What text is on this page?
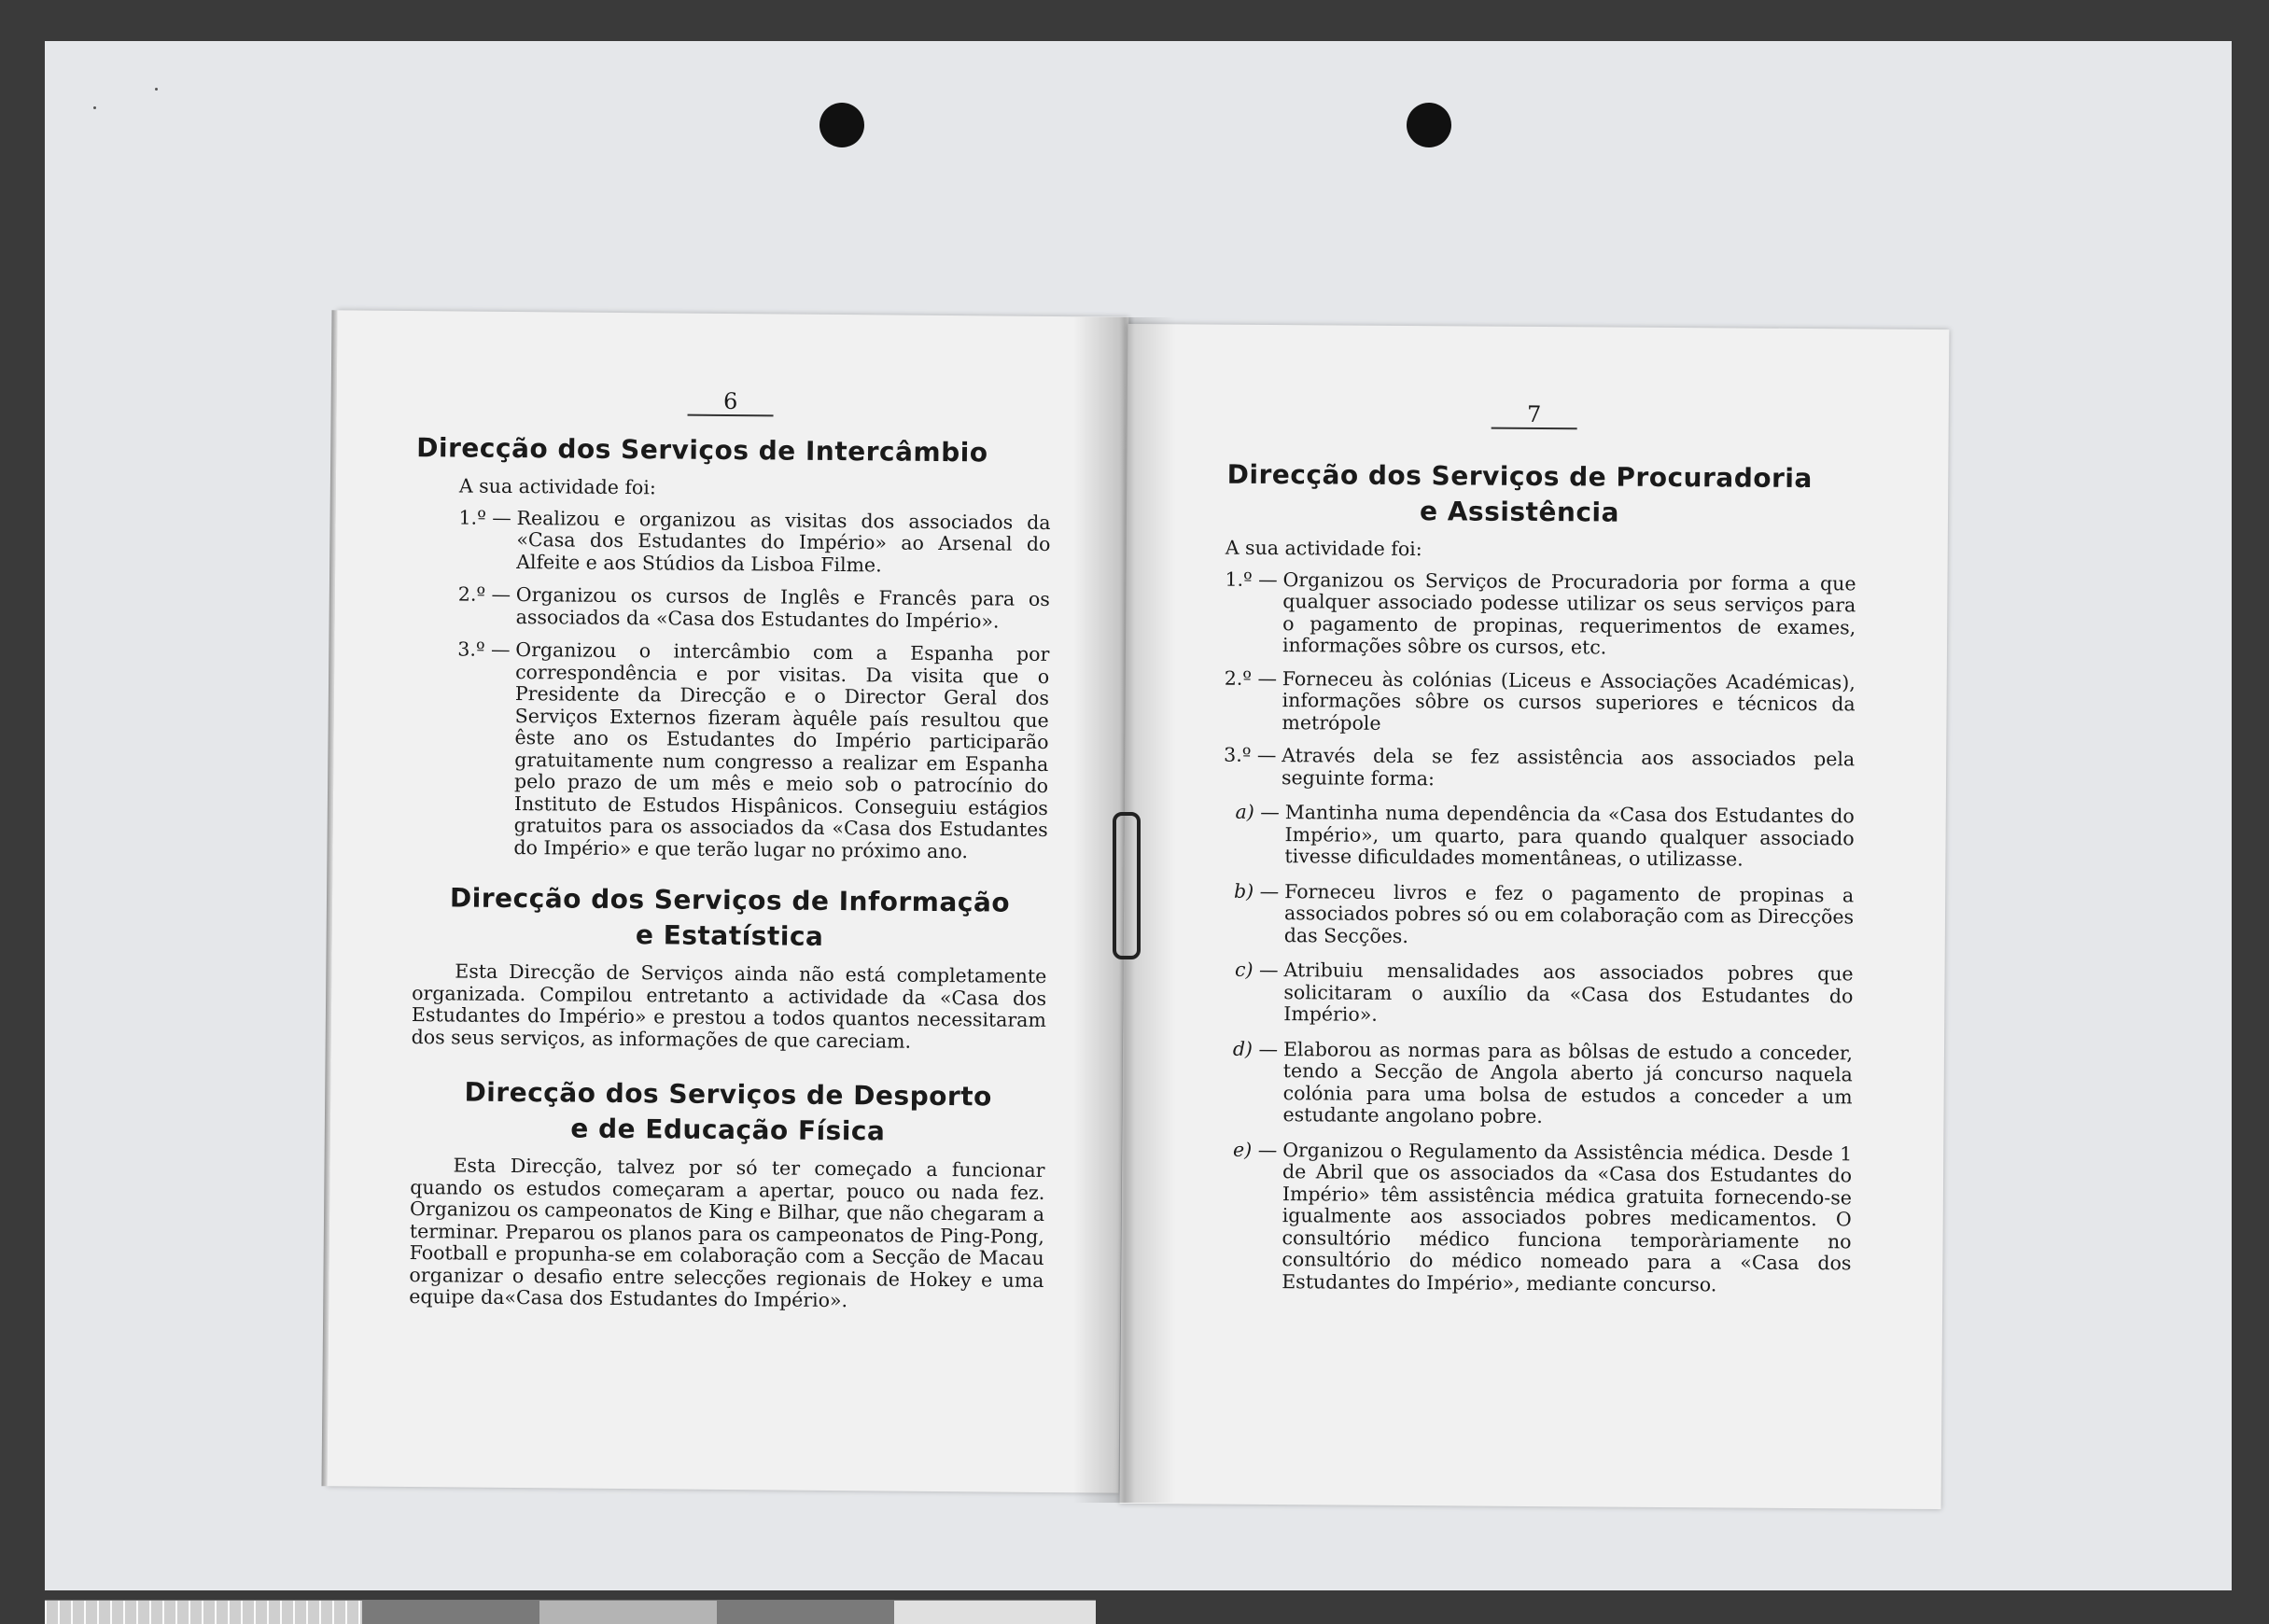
6
Direcção dos Serviços de Intercâmbio
A sua actividade foi:
1.º — Realizou e organizou as visitas dos associados da «Casa dos Estudantes do Império» ao Arsenal do Alfeite e aos Stúdios da Lisboa Filme.
2.º — Organizou os cursos de Inglês e Francês para os associados da «Casa dos Estudantes do Império».
3.º — Organizou o intercâmbio com a Espanha por correspondência e por visitas. Da visita que o Presidente da Direcção e o Director Geral dos Serviços Externos fizeram àquêle país resultou que êste ano os Estudantes do Império participarão gratuitamente num congresso a realizar em Espanha pelo prazo de um mês e meio sob o patrocínio do Instituto de Estudos Hispânicos. Conseguiu estágios gratuitos para os associados da «Casa dos Estudantes do Império» e que terão lugar no próximo ano.
Direcção dos Serviços de Informação
e Estatística
Esta Direcção de Serviços ainda não está completamente organizada. Compilou entretanto a actividade da «Casa dos Estudantes do Império» e prestou a todos quantos necessitaram dos seus serviços, as informações de que careciam.
Direcção dos Serviços de Desporto
e de Educação Física
Esta Direcção, talvez por só ter começado a funcionar quando os estudos começaram a apertar, pouco ou nada fez. Organizou os campeonatos de King e Bilhar, que não chegaram a terminar. Preparou os planos para os campeonatos de Ping-Pong, Football e propunha-se em colaboração com a Secção de Macau organizar o desafio entre selecções regionais de Hokey e uma equipe da«Casa dos Estudantes do Império».
7
Direcção dos Serviços de Procuradoria
e Assistência
A sua actividade foi:
1.º — Organizou os Serviços de Procuradoria por forma a que qualquer associado podesse utilizar os seus serviços para o pagamento de propinas, requerimentos de exames, informações sôbre os cursos, etc.
2.º — Forneceu às colónias (Liceus e Associações Académicas), informações sôbre os cursos superiores e técnicos da metrópole
3.º — Através dela se fez assistência aos associados pela seguinte forma:
a) — Mantinha numa dependência da «Casa dos Estudantes do Império», um quarto, para quando qualquer associado tivesse dificuldades momentâneas, o utilizasse.
b) — Forneceu livros e fez o pagamento de propinas a associados pobres só ou em colaboração com as Direcções das Secções.
c) — Atribuiu mensalidades aos associados pobres que solicitaram o auxílio da «Casa dos Estudantes do Império».
d) — Elaborou as normas para as bôlsas de estudo a conceder, tendo a Secção de Angola aberto já concurso naquela colónia para uma bolsa de estudos a conceder a um estudante angolano pobre.
e) — Organizou o Regulamento da Assistência médica. Desde 1 de Abril que os associados da «Casa dos Estudantes do Império» têm assistência médica gratuita fornecendo-se igualmente aos associados pobres medicamentos. O consultório médico funciona temporàriamente no consultório do médico nomeado para a «Casa dos Estudantes do Império», mediante concurso.
